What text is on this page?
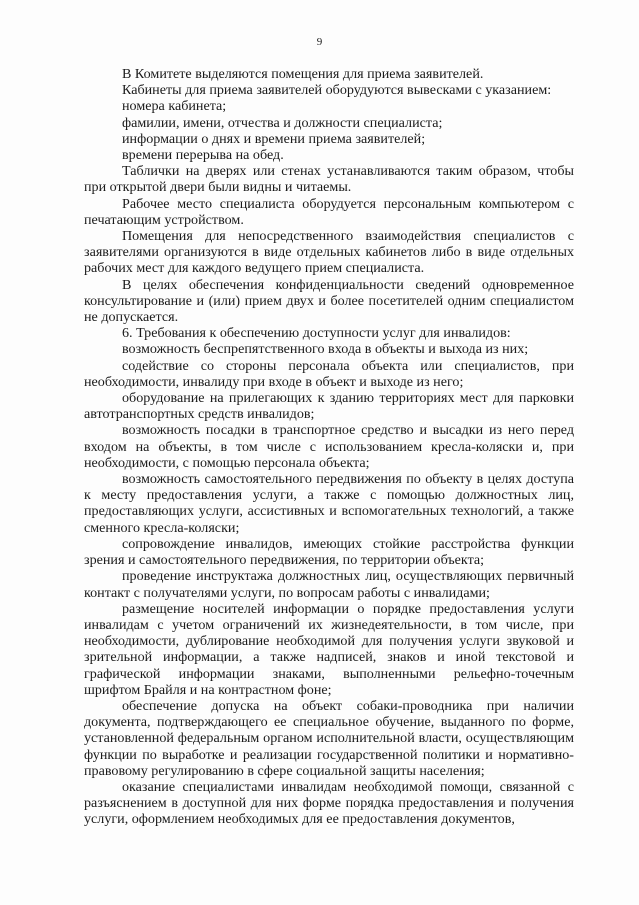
9

В Комитете выделяются помещения для приема заявителей.

Кабинеты для приема заявителей оборудуются вывесками с указанием:

номера кабинета;

фамилии, имени, отчества и должности специалиста;

информации о днях и времени приема заявителей;

времени перерыва на обед.

Таблички на дверях или стенах устанавливаются таким образом, чтобы при открытой двери были видны и читаемы.

Рабочее место специалиста оборудуется персональным компьютером с печатающим устройством.

Помещения для непосредственного взаимодействия специалистов с заявителями организуются в виде отдельных кабинетов либо в виде отдельных рабочих мест для каждого ведущего прием специалиста.

В целях обеспечения конфиденциальности сведений одновременное консультирование и (или) прием двух и более посетителей одним специалистом не допускается.

6. Требования к обеспечению доступности услуг для инвалидов:

возможность беспрепятственного входа в объекты и выхода из них;

содействие со стороны персонала объекта или специалистов, при необходимости, инвалиду при входе в объект и выходе из него;

оборудование на прилегающих к зданию территориях мест для парковки автотранспортных средств инвалидов;

возможность посадки в транспортное средство и высадки из него перед входом на объекты, в том числе с использованием кресла-коляски и, при необходимости, с помощью персонала объекта;

возможность самостоятельного передвижения по объекту в целях доступа к месту предоставления услуги, а также с помощью должностных лиц, предоставляющих услуги, ассистивных и вспомогательных технологий, а также сменного кресла-коляски;

сопровождение инвалидов, имеющих стойкие расстройства функции зрения и самостоятельного передвижения, по территории объекта;

проведение инструктажа должностных лиц, осуществляющих первичный контакт с получателями услуги, по вопросам работы с инвалидами;

размещение носителей информации о порядке предоставления услуги инвалидам с учетом ограничений их жизнедеятельности, в том числе, при необходимости, дублирование необходимой для получения услуги звуковой и зрительной информации, а также надписей, знаков и иной текстовой и графической информации знаками, выполненными рельефно-точечным шрифтом Брайля и на контрастном фоне;

обеспечение допуска на объект собаки-проводника при наличии документа, подтверждающего ее специальное обучение, выданного по форме, установленной федеральным органом исполнительной власти, осуществляющим функции по выработке и реализации государственной политики и нормативно-правовому регулированию в сфере социальной защиты населения;

оказание специалистами инвалидам необходимой помощи, связанной с разъяснением в доступной для них форме порядка предоставления и получения услуги, оформлением необходимых для ее предоставления документов,
